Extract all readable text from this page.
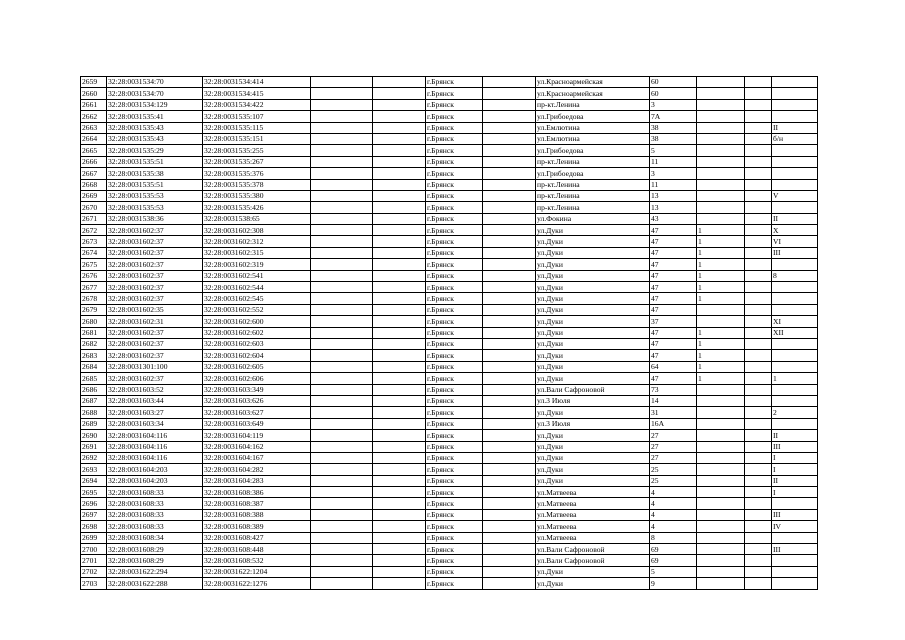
2659	32:28:0031534:70	32:28:0031534:414			г.Брянск		ул.Красноармейская	60			
2660	32:28:0031534:70	32:28:0031534:415			г.Брянск		ул.Красноармейская	60			
2661	32:28:0031534:129	32:28:0031534:422			г.Брянск		пр-кт.Ленина	3			
2662	32:28:0031535:41	32:28:0031535:107			г.Брянск		ул.Грибоедова	7А			
2663	32:28:0031535:43	32:28:0031535:115			г.Брянск		ул.Емлютина	38			II
2664	32:28:0031535:43	32:28:0031535:151			г.Брянск		ул.Емлютина	38			б/н
2665	32:28:0031535:29	32:28:0031535:255			г.Брянск		ул.Грибоедова	5			
2666	32:28:0031535:51	32:28:0031535:267			г.Брянск		пр-кт.Ленина	11			
2667	32:28:0031535:38	32:28:0031535:376			г.Брянск		ул.Грибоедова	3			
2668	32:28:0031535:51	32:28:0031535:378			г.Брянск		пр-кт.Ленина	11			
2669	32:28:0031535:53	32:28:0031535:380			г.Брянск		пр-кт.Ленина	13			V
2670	32:28:0031535:53	32:28:0031535:426			г.Брянск		пр-кт.Ленина	13			
2671	32:28:0031538:36	32:28:0031538:65			г.Брянск		ул.Фокина	43			II
2672	32:28:0031602:37	32:28:0031602:308			г.Брянск		ул.Дуки	47	1		X
2673	32:28:0031602:37	32:28:0031602:312			г.Брянск		ул.Дуки	47	1		VI
2674	32:28:0031602:37	32:28:0031602:315			г.Брянск		ул.Дуки	47	1		III
2675	32:28:0031602:37	32:28:0031602:319			г.Брянск		ул.Дуки	47	1		
2676	32:28:0031602:37	32:28:0031602:541			г.Брянск		ул.Дуки	47	1		8
2677	32:28:0031602:37	32:28:0031602:544			г.Брянск		ул.Дуки	47	1		
2678	32:28:0031602:37	32:28:0031602:545			г.Брянск		ул.Дуки	47	1		
2679	32:28:0031602:35	32:28:0031602:552			г.Брянск		ул.Дуки	47			
2680	32:28:0031602:31	32:28:0031602:600			г.Брянск		ул.Дуки	37			XI
2681	32:28:0031602:37	32:28:0031602:602			г.Брянск		ул.Дуки	47	1		XII
2682	32:28:0031602:37	32:28:0031602:603			г.Брянск		ул.Дуки	47	1		
2683	32:28:0031602:37	32:28:0031602:604			г.Брянск		ул.Дуки	47	1		
2684	32:28:0031301:100	32:28:0031602:605			г.Брянск		ул.Дуки	64	1		
2685	32:28:0031602:37	32:28:0031602:606			г.Брянск		ул.Дуки	47	1		1
2686	32:28:0031603:52	32:28:0031603:349			г.Брянск		ул.Вали Сафроновой	73			
2687	32:28:0031603:44	32:28:0031603:626			г.Брянск		ул.3 Июля	14			
2688	32:28:0031603:27	32:28:0031603:627			г.Брянск		ул.Дуки	31			2
2689	32:28:0031603:34	32:28:0031603:649			г.Брянск		ул.3 Июля	16А			
2690	32:28:0031604:116	32:28:0031604:119			г.Брянск		ул.Дуки	27			II
2691	32:28:0031604:116	32:28:0031604:162			г.Брянск		ул.Дуки	27			III
2692	32:28:0031604:116	32:28:0031604:167			г.Брянск		ул.Дуки	27			I
2693	32:28:0031604:203	32:28:0031604:282			г.Брянск		ул.Дуки	25			I
2694	32:28:0031604:203	32:28:0031604:283			г.Брянск		ул.Дуки	25			II
2695	32:28:0031608:33	32:28:0031608:386			г.Брянск		ул.Матвеева	4			I
2696	32:28:0031608:33	32:28:0031608:387			г.Брянск		ул.Матвеева	4			
2697	32:28:0031608:33	32:28:0031608:388			г.Брянск		ул.Матвеева	4			III
2698	32:28:0031608:33	32:28:0031608:389			г.Брянск		ул.Матвеева	4			IV
2699	32:28:0031608:34	32:28:0031608:427			г.Брянск		ул.Матвеева	8			
2700	32:28:0031608:29	32:28:0031608:448			г.Брянск		ул.Вали Сафроновой	69			III
2701	32:28:0031608:29	32:28:0031608:532			г.Брянск		ул.Вали Сафроновой	69			
2702	32:28:0031622:294	32:28:0031622:1204			г.Брянск		ул.Дуки	5			
2703	32:28:0031622:288	32:28:0031622:1276			г.Брянск		ул.Дуки	9			
